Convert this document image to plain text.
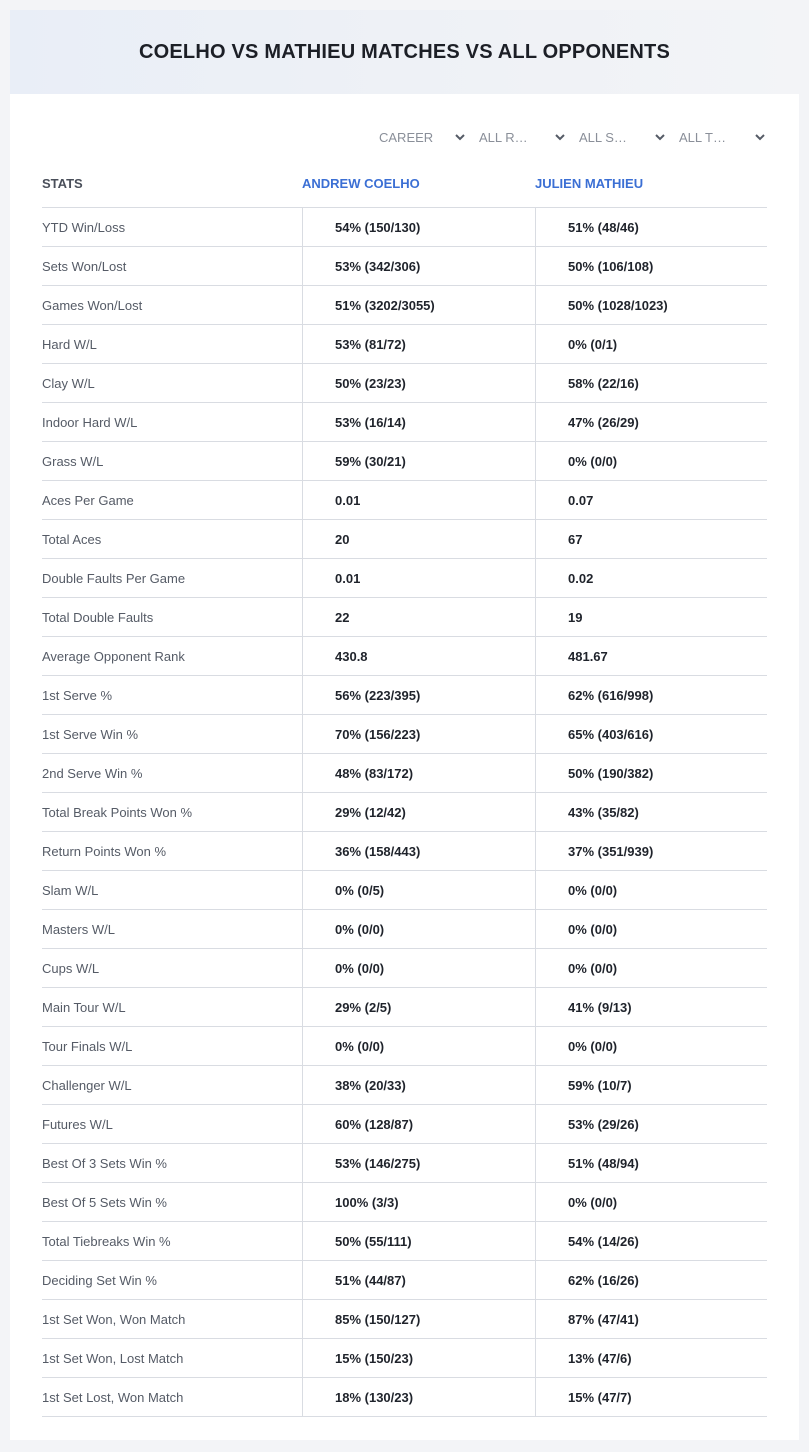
COELHO VS MATHIEU MATCHES VS ALL OPPONENTS
CAREER	ALL R…	ALL S…	ALL T…
STATS	ANDREW COELHO	JULIEN MATHIEU
YTD Win/Loss	54% (150/130)	51% (48/46)
Sets Won/Lost	53% (342/306)	50% (106/108)
Games Won/Lost	51% (3202/3055)	50% (1028/1023)
Hard W/L	53% (81/72)	0% (0/1)
Clay W/L	50% (23/23)	58% (22/16)
Indoor Hard W/L	53% (16/14)	47% (26/29)
Grass W/L	59% (30/21)	0% (0/0)
Aces Per Game	0.01	0.07
Total Aces	20	67
Double Faults Per Game	0.01	0.02
Total Double Faults	22	19
Average Opponent Rank	430.8	481.67
1st Serve %	56% (223/395)	62% (616/998)
1st Serve Win %	70% (156/223)	65% (403/616)
2nd Serve Win %	48% (83/172)	50% (190/382)
Total Break Points Won %	29% (12/42)	43% (35/82)
Return Points Won %	36% (158/443)	37% (351/939)
Slam W/L	0% (0/5)	0% (0/0)
Masters W/L	0% (0/0)	0% (0/0)
Cups W/L	0% (0/0)	0% (0/0)
Main Tour W/L	29% (2/5)	41% (9/13)
Tour Finals W/L	0% (0/0)	0% (0/0)
Challenger W/L	38% (20/33)	59% (10/7)
Futures W/L	60% (128/87)	53% (29/26)
Best Of 3 Sets Win %	53% (146/275)	51% (48/94)
Best Of 5 Sets Win %	100% (3/3)	0% (0/0)
Total Tiebreaks Win %	50% (55/111)	54% (14/26)
Deciding Set Win %	51% (44/87)	62% (16/26)
1st Set Won, Won Match	85% (150/127)	87% (47/41)
1st Set Won, Lost Match	15% (150/23)	13% (47/6)
1st Set Lost, Won Match	18% (130/23)	15% (47/7)
